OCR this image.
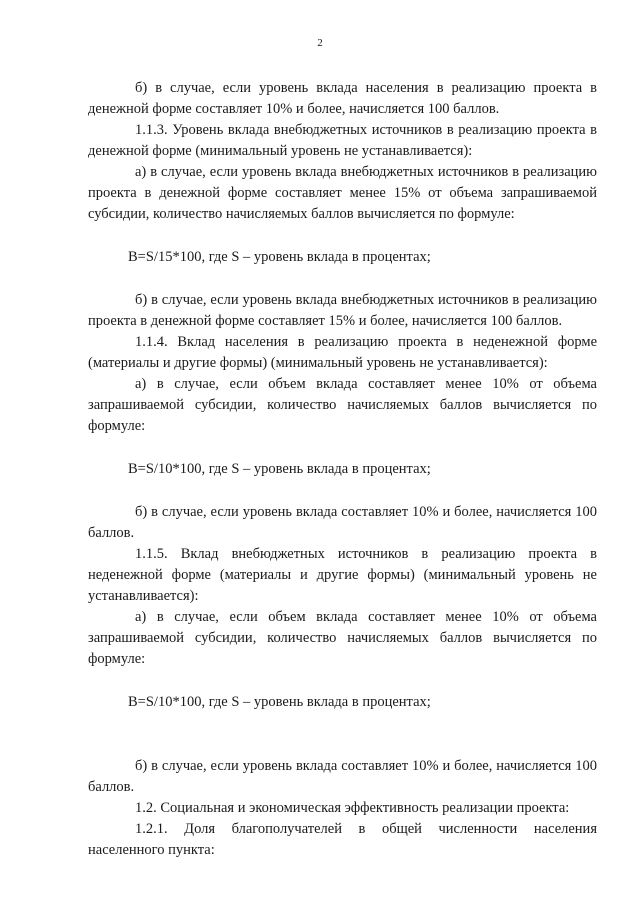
2

б) в случае, если уровень вклада населения в реализацию проекта в денежной форме составляет 10% и более, начисляется 100 баллов.

1.1.3. Уровень вклада внебюджетных источников в реализацию проекта в денежной форме (минимальный уровень не устанавливается):

а) в случае, если уровень вклада внебюджетных источников в реализацию проекта в денежной форме составляет менее 15% от объема запрашиваемой субсидии, количество начисляемых баллов вычисляется по формуле:

B=S/15*100, где S – уровень вклада в процентах;

б) в случае, если уровень вклада внебюджетных источников в реализацию проекта в денежной форме составляет 15% и более, начисляется 100 баллов.

1.1.4. Вклад населения в реализацию проекта в неденежной форме (материалы и другие формы) (минимальный уровень не устанавливается):

а) в случае, если объем вклада составляет менее 10% от объема запрашиваемой субсидии, количество начисляемых баллов вычисляется по формуле:

B=S/10*100, где S – уровень вклада в процентах;

б) в случае, если уровень вклада составляет 10% и более, начисляется 100 баллов.

1.1.5. Вклад внебюджетных источников в реализацию проекта в неденежной форме (материалы и другие формы) (минимальный уровень не устанавливается):

а) в случае, если объем вклада составляет менее 10% от объема запрашиваемой субсидии, количество начисляемых баллов вычисляется по формуле:

B=S/10*100, где S – уровень вклада в процентах;

б) в случае, если уровень вклада составляет 10% и более, начисляется 100 баллов.

1.2. Социальная и экономическая эффективность реализации проекта:

1.2.1. Доля благополучателей в общей численности населения населенного пункта:
